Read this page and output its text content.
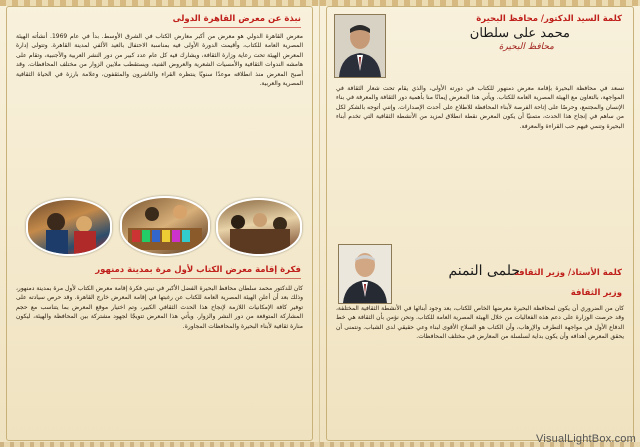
نبذة عن معرض القاهرة الدولى

معرض القاهرة الدولي هو معرض من أكبر معارض الكتاب في الشرق الأوسط. بدأ في عام 1969. أنشأته الهيئة المصرية العامة للكتاب، وأقيمت الدورة الأولى فيه بمناسبة الاحتفال بالعيد الألفي لمدينة القاهرة. وتتولى إدارة المعرض الهيئة تحت رعاية وزارة الثقافة، ويشارك فيه كل عام عدد كبير من دور النشر العربية والأجنبية، وتقام على هامشه الندوات الثقافية والأمسيات الشعرية والعروض الفنية، ويستقطب ملايين الزوار من مختلف المحافظات. وقد أصبح المعرض منذ انطلاقه موعدًا سنويًا ينتظره القراء والناشرون والمثقفون، وعلامة بارزة في الحياة الثقافية المصرية والعربية.

فكرة إقامة معرض الكتاب لأول مرة بمدينة دمنهور

كان للدكتور محمد سلطان محافظ البحيرة الفضل الأكبر في تبني فكرة إقامة معرض الكتاب لأول مرة بمدينة دمنهور، وذلك بعد أن أعلن الهيئة المصرية العامة للكتاب عن رغبتها في إقامة المعرض خارج القاهرة. وقد حرص سيادته على توفير كافة الإمكانيات اللازمة لإنجاح هذا الحدث الثقافي الكبير، وتم اختيار موقع المعرض بما يتناسب مع حجم المشاركة المتوقعة من دور النشر والزوار. ويأتي هذا المعرض تتويجًا لجهود مشتركة بين المحافظة والهيئة، ليكون منارة ثقافية لأبناء البحيرة والمحافظات المجاورة.

كلمة السيد الدكتور/ محافظ البحيرة
محمد على سلطان
محافظ البحيرة

نسعد في محافظة البحيرة بإقامة معرض دمنهور للكتاب في دورته الأولى، والذي يقام تحت شعار الثقافة في المواجهة، بالتعاون مع الهيئة المصرية العامة للكتاب. ويأتي هذا المعرض إيمانًا منا بأهمية دور الثقافة والمعرفة في بناء الإنسان والمجتمع، وحرصًا على إتاحة الفرصة لأبناء المحافظة للاطلاع على أحدث الإصدارات. وإنني أتوجه بالشكر لكل من ساهم في إنجاح هذا الحدث، متمنيًا أن يكون المعرض نقطة انطلاق لمزيد من الأنشطة الثقافية التي تخدم أبناء البحيرة وتنمي فيهم حب القراءة والمعرفة.

كلمة الأستاذ/ وزير الثقافة
حلمى النمنم
وزير الثقافة

كان من الضروري أن يكون لمحافظة البحيرة معرضها الخاص للكتاب، بعد وجود أبنائها في الأنشطة الثقافية المختلفة، وقد حرصت الوزارة على دعم هذه الفعاليات من خلال الهيئة المصرية العامة للكتاب. ونحن نؤمن بأن الثقافة هي خط الدفاع الأول في مواجهة التطرف والإرهاب، وأن الكتاب هو السلاح الأقوى لبناء وعي حقيقي لدى الشباب. ونتمنى أن يحقق المعرض أهدافه وأن يكون بداية لسلسلة من المعارض في مختلف المحافظات.

VisualLightBox.com
